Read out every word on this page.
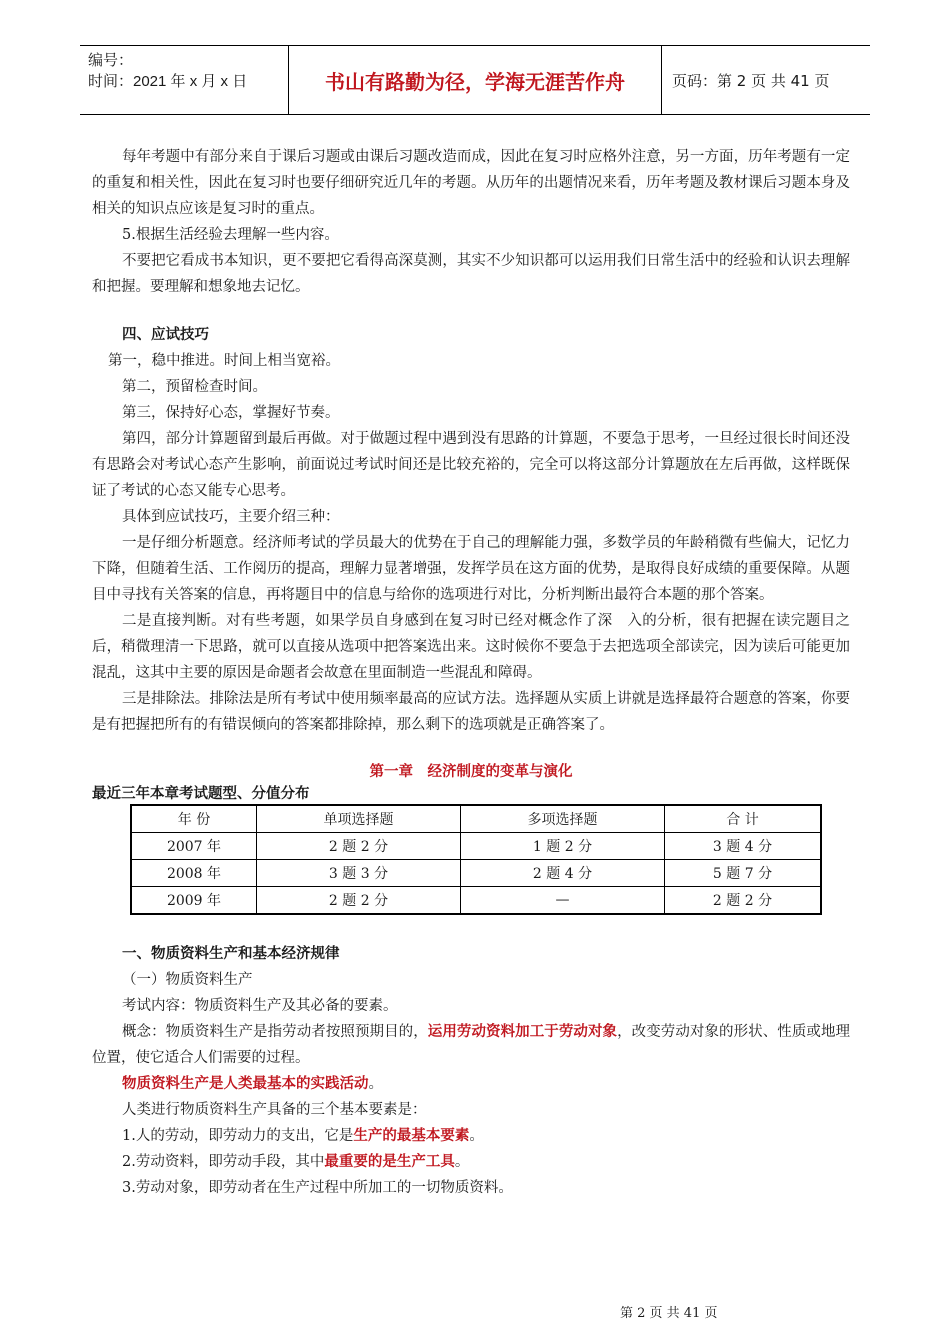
编号：
时间：2021 年 x 月 x 日	书山有路勤为径，学海无涯苦作舟	页码：第 2 页 共 41 页

每年考题中有部分来自于课后习题或由课后习题改造而成，因此在复习时应格外注意，另一方面，历年考题有一定的重复和相关性，因此在复习时也要仔细研究近几年的考题。从历年的出题情况来看，历年考题及教材课后习题本身及相关的知识点应该是复习时的重点。

5.根据生活经验去理解一些内容。

不要把它看成书本知识，更不要把它看得高深莫测，其实不少知识都可以运用我们日常生活中的经验和认识去理解和把握。要理解和想象地去记忆。

四、应试技巧

第一，稳中推进。时间上相当宽裕。

第二，预留检查时间。

第三，保持好心态，掌握好节奏。

第四，部分计算题留到最后再做。对于做题过程中遇到没有思路的计算题，不要急于思考，一旦经过很长时间还没有思路会对考试心态产生影响，前面说过考试时间还是比较充裕的，完全可以将这部分计算题放在左后再做，这样既保证了考试的心态又能专心思考。

具体到应试技巧，主要介绍三种：

一是仔细分析题意。经济师考试的学员最大的优势在于自己的理解能力强，多数学员的年龄稍微有些偏大，记忆力下降，但随着生活、工作阅历的提高，理解力显著增强，发挥学员在这方面的优势，是取得良好成绩的重要保障。从题目中寻找有关答案的信息，再将题目中的信息与给你的选项进行对比，分析判断出最符合本题的那个答案。

二是直接判断。对有些考题，如果学员自身感到在复习时已经对概念作了深　入的分析，很有把握在读完题目之后，稍微理清一下思路，就可以直接从选项中把答案选出来。这时候你不要急于去把选项全部读完，因为读后可能更加混乱，这其中主要的原因是命题者会故意在里面制造一些混乱和障碍。

三是排除法。排除法是所有考试中使用频率最高的应试方法。选择题从实质上讲就是选择最符合题意的答案，你要是有把握把所有的有错误倾向的答案都排除掉，那么剩下的选项就是正确答案了。

第一章　经济制度的变革与演化
最近三年本章考试题型、分值分布
年 份	单项选择题	多项选择题	合 计
2007 年	2 题 2 分	1 题 2 分	3 题 4 分
2008 年	3 题 3 分	2 题 4 分	5 题 7 分
2009 年	2 题 2 分	—	2 题 2 分
一、物质资料生产和基本经济规律

（一）物质资料生产

考试内容：物质资料生产及其必备的要素。

概念：物质资料生产是指劳动者按照预期目的，运用劳动资料加工于劳动对象，改变劳动对象的形状、性质或地理位置，使它适合人们需要的过程。

物质资料生产是人类最基本的实践活动。

人类进行物质资料生产具备的三个基本要素是：

1.人的劳动，即劳动力的支出，它是生产的最基本要素。

2.劳动资料，即劳动手段，其中最重要的是生产工具。

3.劳动对象，即劳动者在生产过程中所加工的一切物质资料。

第 2 页 共 41 页
